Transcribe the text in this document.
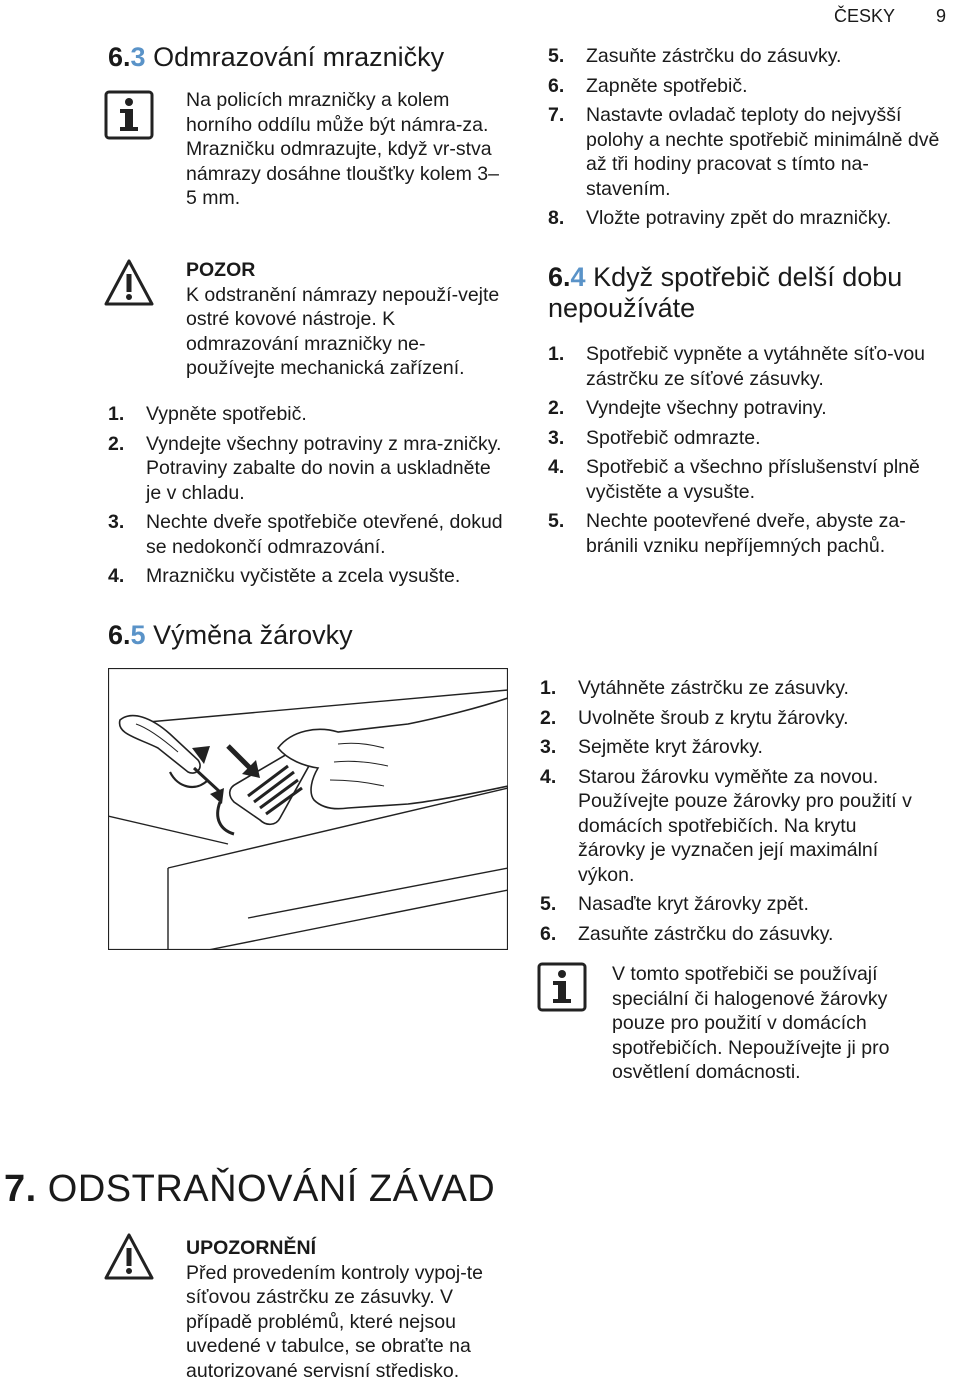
ČESKY 9
6.3 Odmrazování mrazničky
Na policích mrazničky a kolem horního oddílu může být námra-za. Mrazničku odmrazujte, když vr-stva námrazy dosáhne tloušťky kolem 3–5 mm.
POZOR
K odstranění námrazy nepouží-vejte ostré kovové nástroje. K odmrazování mrazničky ne-používejte mechanická zařízení.
1.	Vypněte spotřebič.
2.	Vyndejte všechny potraviny z mra-zničky. Potraviny zabalte do novin a uskladněte je v chladu.
3.	Nechte dveře spotřebiče otevřené, dokud se nedokončí odmrazování.
4.	Mrazničku vyčistěte a zcela vysušte.
5.	Zasuňte zástrčku do zásuvky.
6.	Zapněte spotřebič.
7.	Nastavte ovladač teploty do nejvyšší polohy a nechte spotřebič minimálně dvě až tři hodiny pracovat s tímto na-stavením.
8.	Vložte potraviny zpět do mrazničky.
6.4 Když spotřebič delší dobu nepoužíváte
1.	Spotřebič vypněte a vytáhněte síťo-vou zástrčku ze síťové zásuvky.
2.	Vyndejte všechny potraviny.
3.	Spotřebič odmrazte.
4.	Spotřebič a všechno příslušenství plně vyčistěte a vysušte.
5.	Nechte pootevřené dveře, abyste za-bránili vzniku nepříjemných pachů.
6.5 Výměna žárovky
1.	Vytáhněte zástrčku ze zásuvky.
2.	Uvolněte šroub z krytu žárovky.
3.	Sejměte kryt žárovky.
4.	Starou žárovku vyměňte za novou. Používejte pouze žárovky pro použití v domácích spotřebičích. Na krytu žárovky je vyznačen její maximální výkon.
5.	Nasaďte kryt žárovky zpět.
6.	Zasuňte zástrčku do zásuvky.
V tomto spotřebiči se používají speciální či halogenové žárovky pouze pro použití v domácích spotřebičích. Nepoužívejte ji pro osvětlení domácnosti.
7. ODSTRAŇOVÁNÍ ZÁVAD
UPOZORNĚNÍ
Před provedením kontroly vypoj-te síťovou zástrčku ze zásuvky. V případě problémů, které nejsou uvedené v tabulce, se obraťte na autorizované servisní středisko.
